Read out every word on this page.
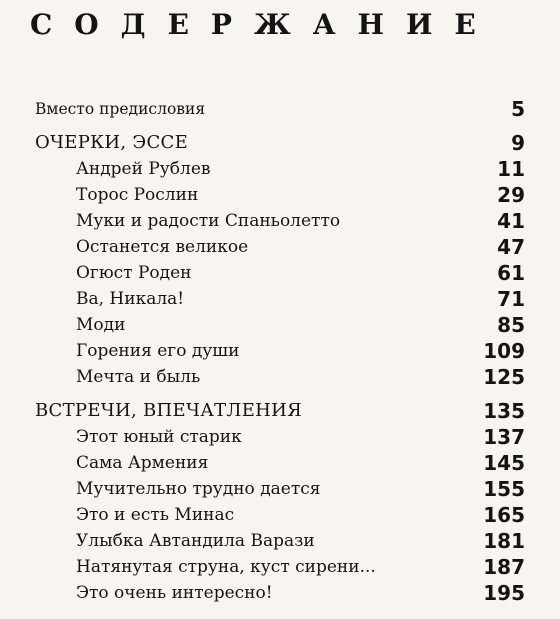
СОДЕРЖАНИЕ
Вместо предисловия	5
ОЧЕРКИ, ЭССЕ	9
Андрей Рублев	11
Торос Рослин	29
Муки и радости Спаньолетто	41
Останется великое	47
Огюст Роден	61
Ва, Никала!	71
Моди	85
Горения его души	109
Мечта и быль	125
ВСТРЕЧИ, ВПЕЧАТЛЕНИЯ	135
Этот юный старик	137
Сама Армения	145
Мучительно трудно дается	155
Это и есть Минас	165
Улыбка Автандила Варази	181
Натянутая струна, куст сирени...	187
Это очень интересно!	195
